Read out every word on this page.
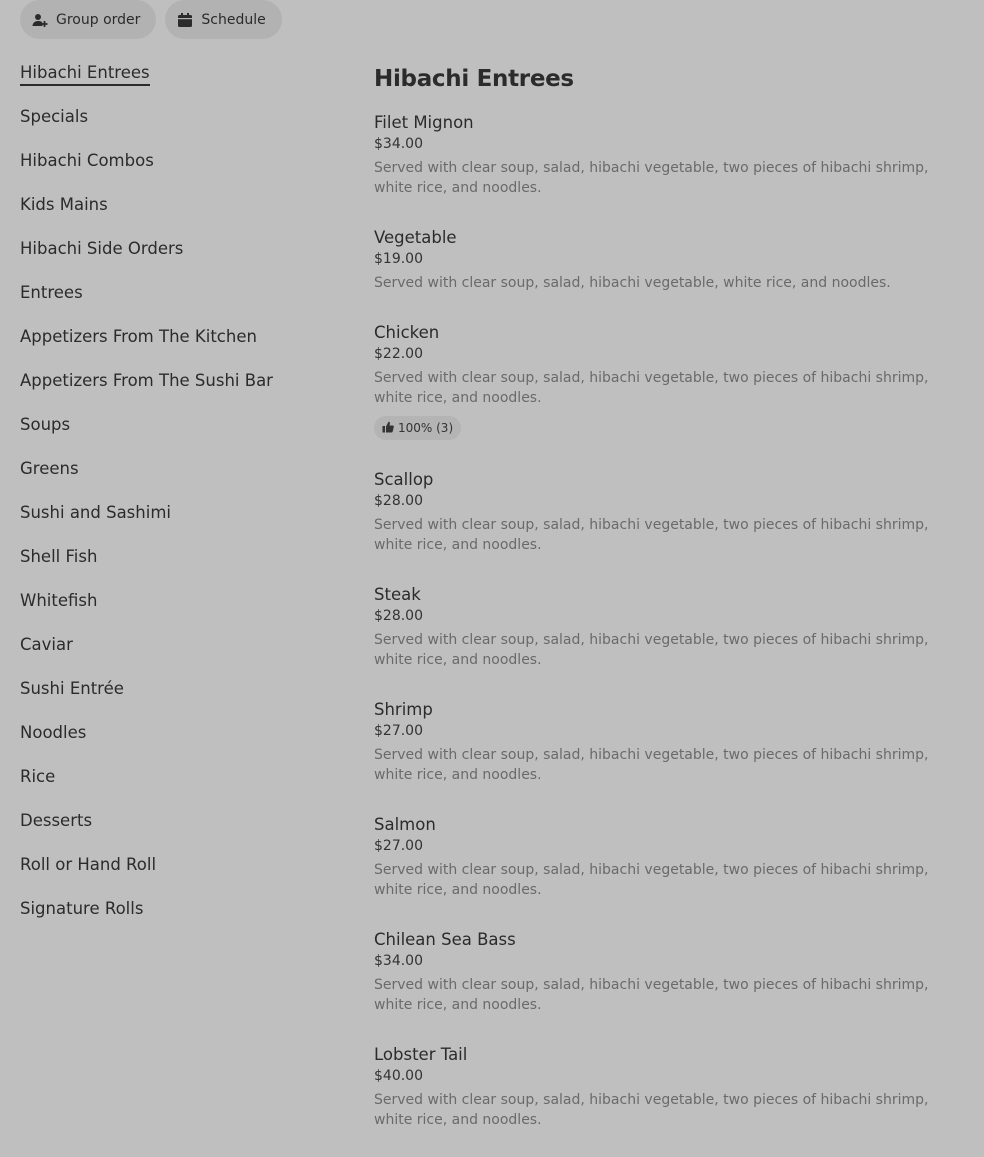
Group order	Schedule
Hibachi Entrees
Specials
Hibachi Combos
Kids Mains
Hibachi Side Orders
Entrees
Appetizers From The Kitchen
Appetizers From The Sushi Bar
Soups
Greens
Sushi and Sashimi
Shell Fish
Whitefish
Caviar
Sushi Entrée
Noodles
Rice
Desserts
Roll or Hand Roll
Signature Rolls
Hibachi Entrees
Filet Mignon
$34.00
Served with clear soup, salad, hibachi vegetable, two pieces of hibachi shrimp, white rice, and noodles.
Vegetable
$19.00
Served with clear soup, salad, hibachi vegetable, white rice, and noodles.
Chicken
$22.00
Served with clear soup, salad, hibachi vegetable, two pieces of hibachi shrimp, white rice, and noodles.
100% (3)
Scallop
$28.00
Served with clear soup, salad, hibachi vegetable, two pieces of hibachi shrimp, white rice, and noodles.
Steak
$28.00
Served with clear soup, salad, hibachi vegetable, two pieces of hibachi shrimp, white rice, and noodles.
Shrimp
$27.00
Served with clear soup, salad, hibachi vegetable, two pieces of hibachi shrimp, white rice, and noodles.
Salmon
$27.00
Served with clear soup, salad, hibachi vegetable, two pieces of hibachi shrimp, white rice, and noodles.
Chilean Sea Bass
$34.00
Served with clear soup, salad, hibachi vegetable, two pieces of hibachi shrimp, white rice, and noodles.
Lobster Tail
$40.00
Served with clear soup, salad, hibachi vegetable, two pieces of hibachi shrimp, white rice, and noodles.
